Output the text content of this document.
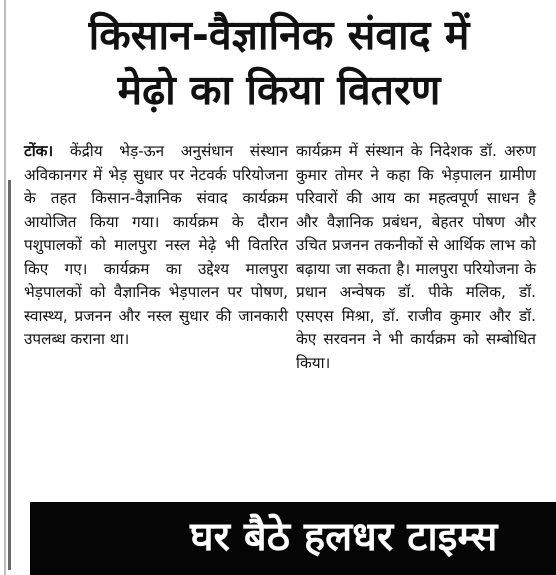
किसान-वैज्ञानिक संवाद में
मेढ़ो का किया वितरण

टोंक। केंद्रीय भेड़-ऊन अनुसंधान संस्थान अविकानगर में भेड़ सुधार पर नेटवर्क परियोजना के तहत किसान-वैज्ञानिक संवाद कार्यक्रम आयोजित किया गया। कार्यक्रम के दौरान पशुपालकों को मालपुरा नस्ल मेढ़े भी वितरित किए गए। कार्यक्रम का उद्देश्य मालपुरा भेड़पालकों को वैज्ञानिक भेड़पालन पर पोषण, स्वास्थ्य, प्रजनन और नस्ल सुधार की जानकारी उपलब्ध कराना था।

कार्यक्रम में संस्थान के निदेशक डॉ. अरुण कुमार तोमर ने कहा कि भेड़पालन ग्रामीण परिवारों की आय का महत्वपूर्ण साधन है और वैज्ञानिक प्रबंधन, बेहतर पोषण और उचित प्रजनन तकनीकों से आर्थिक लाभ को बढ़ाया जा सकता है। मालपुरा परियोजना के प्रधान अन्वेषक डॉ. पीके मलिक, डॉ. एसएस मिश्रा, डॉ. राजीव कुमार और डॉ. केए सरवनन ने भी कार्यक्रम को सम्बोधित किया।

घर बैठे हलधर टाइम्स
